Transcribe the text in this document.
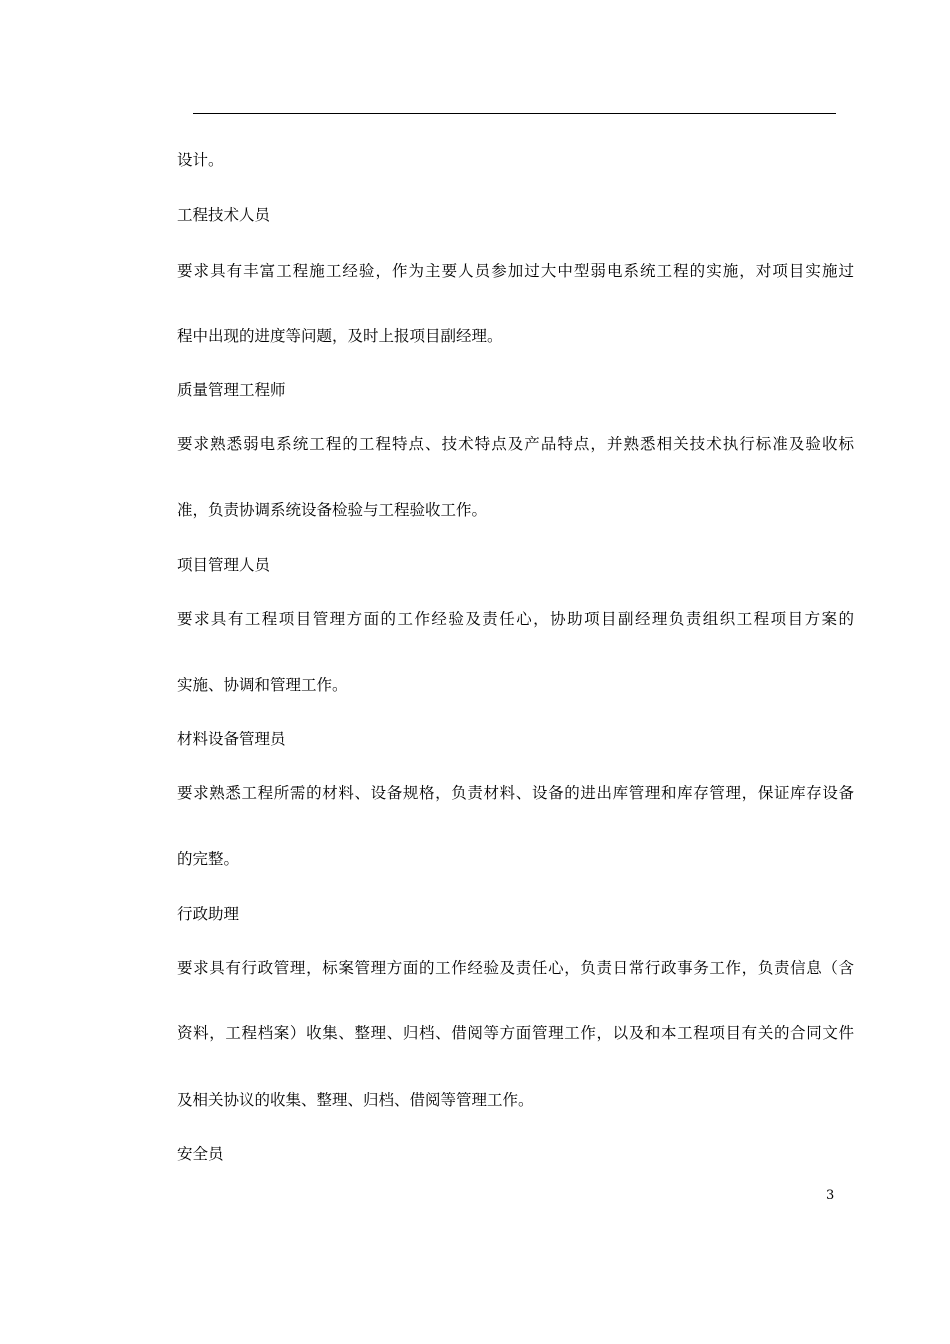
设计。
工程技术人员
要求具有丰富工程施工经验，作为主要人员参加过大中型弱电系统工程的实施，对项目实施过
程中出现的进度等问题，及时上报项目副经理。
质量管理工程师
要求熟悉弱电系统工程的工程特点、技术特点及产品特点，并熟悉相关技术执行标准及验收标
准，负责协调系统设备检验与工程验收工作。
项目管理人员
要求具有工程项目管理方面的工作经验及责任心，协助项目副经理负责组织工程项目方案的
实施、协调和管理工作。
材料设备管理员
要求熟悉工程所需的材料、设备规格，负责材料、设备的进出库管理和库存管理，保证库存设备
的完整。
行政助理
要求具有行政管理，标案管理方面的工作经验及责任心，负责日常行政事务工作，负责信息（含
资料，工程档案）收集、整理、归档、借阅等方面管理工作，以及和本工程项目有关的合同文件
及相关协议的收集、整理、归档、借阅等管理工作。
安全员
3
